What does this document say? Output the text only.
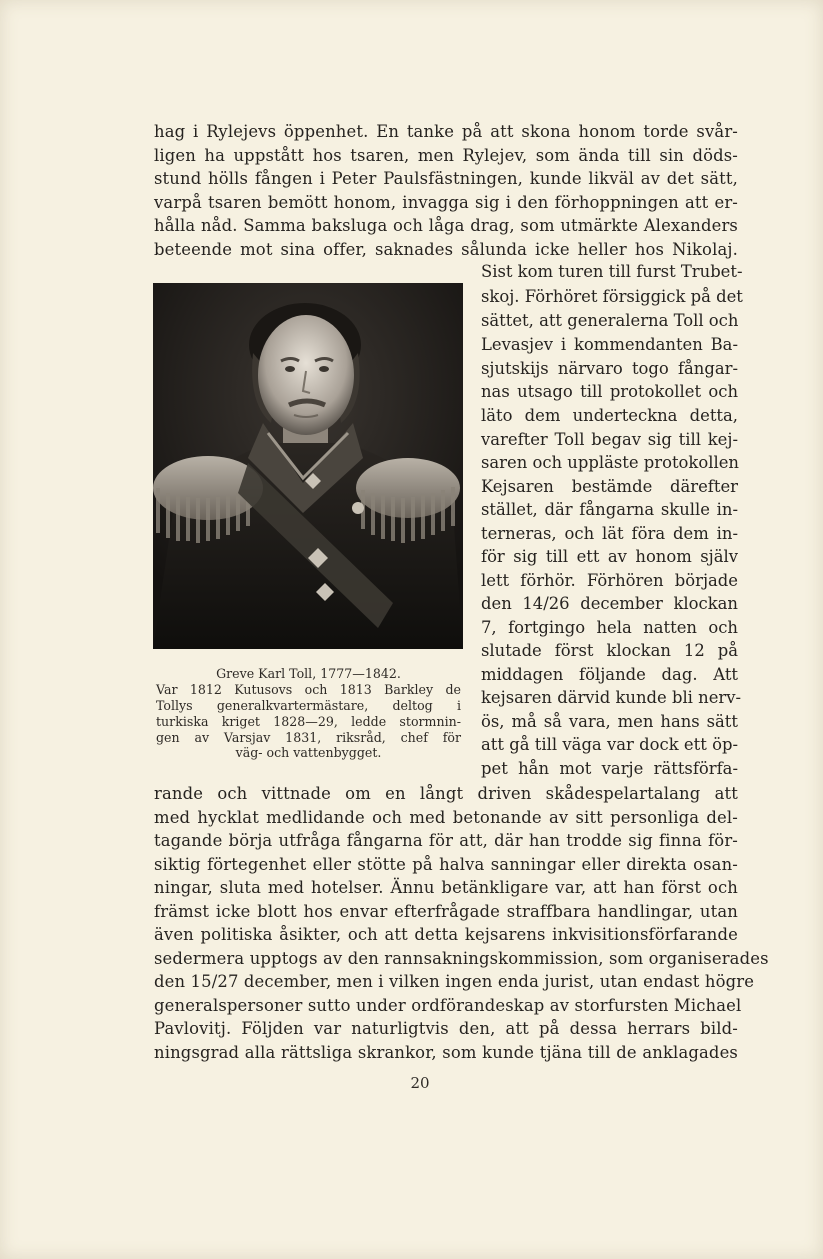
hag i Rylejevs öppenhet. En tanke på att skona honom torde svår-
ligen ha uppstått hos tsaren, men Rylejev, som ända till sin döds-
stund hölls fången i Peter Paulsfästningen, kunde likväl av det sätt,
varpå tsaren bemött honom, invagga sig i den förhoppningen att er-
hålla nåd. Samma baksluga och låga drag, som utmärkte Alexanders
beteende mot sina offer, saknades sålunda icke heller hos Nikolaj.
Sist kom turen till furst Trubet-
skoj. Förhöret försiggick på det
sättet, att generalerna Toll och
Levasjev i kommendanten Ba-
sjutskijs närvaro togo fångar-
nas utsago till protokollet och
läto dem underteckna detta,
varefter Toll begav sig till kej-
saren och uppläste protokollen
Kejsaren bestämde därefter
stället, där fångarna skulle in-
terneras, och lät föra dem in-
för sig till ett av honom själv
lett förhör. Förhören började
den 14/26 december klockan
7, fortgingo hela natten och
slutade först klockan 12 på
middagen följande dag. Att
kejsaren därvid kunde bli nerv-
ös, må så vara, men hans sätt
att gå till väga var dock ett öp-
pet hån mot varje rättsförfa-
Greve Karl Toll, 1777—1842.
Var 1812 Kutusovs och 1813 Barkley de
Tollys generalkvartermästare, deltog i
turkiska kriget 1828—29, ledde stormnin-
gen av Varsjav 1831, riksråd, chef för
väg- och vattenbygget.
rande och vittnade om en långt driven skådespelartalang att
med hycklat medlidande och med betonande av sitt personliga del-
tagande börja utfråga fångarna för att, där han trodde sig finna för-
siktig förtegenhet eller stötte på halva sanningar eller direkta osan-
ningar, sluta med hotelser. Ännu betänkligare var, att han först och
främst icke blott hos envar efterfrågade straffbara handlingar, utan
även politiska åsikter, och att detta kejsarens inkvisitionsförfarande
sedermera upptogs av den rannsakningskommission, som organiserades
den 15/27 december, men i vilken ingen enda jurist, utan endast högre
generalspersoner sutto under ordförandeskap av storfursten Michael
Pavlovitj. Följden var naturligtvis den, att på dessa herrars bild-
ningsgrad alla rättsliga skrankor, som kunde tjäna till de anklagades
20
